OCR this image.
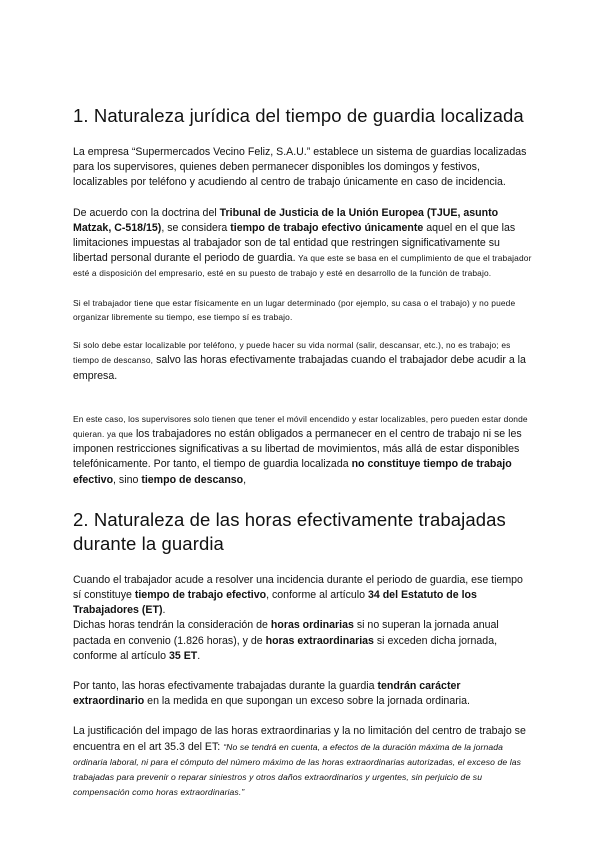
1. Naturaleza jurídica del tiempo de guardia localizada

La empresa “Supermercados Vecino Feliz, S.A.U.” establece un sistema de guardias localizadas para los supervisores, quienes deben permanecer disponibles los domingos y festivos, localizables por teléfono y acudiendo al centro de trabajo únicamente en caso de incidencia.

De acuerdo con la doctrina del Tribunal de Justicia de la Unión Europea (TJUE, asunto Matzak, C-518/15), se considera tiempo de trabajo efectivo únicamente aquel en el que las limitaciones impuestas al trabajador son de tal entidad que restringen significativamente su libertad personal durante el periodo de guardia. Ya que este se basa en el cumplimiento de que el trabajador esté a disposición del empresario, esté en su puesto de trabajo y esté en desarrollo de la función de trabajo.

Si el trabajador tiene que estar físicamente en un lugar determinado (por ejemplo, su casa o el trabajo) y no puede organizar libremente su tiempo, ese tiempo sí es trabajo.

Si solo debe estar localizable por teléfono, y puede hacer su vida normal (salir, descansar, etc.), no es trabajo; es tiempo de descanso, salvo las horas efectivamente trabajadas cuando el trabajador debe acudir a la empresa.

En este caso, los supervisores solo tienen que tener el móvil encendido y estar localizables, pero pueden estar donde quieran. ya que los trabajadores no están obligados a permanecer en el centro de trabajo ni se les imponen restricciones significativas a su libertad de movimientos, más allá de estar disponibles telefónicamente. Por tanto, el tiempo de guardia localizada no constituye tiempo de trabajo efectivo, sino tiempo de descanso,

2. Naturaleza de las horas efectivamente trabajadas durante la guardia

Cuando el trabajador acude a resolver una incidencia durante el periodo de guardia, ese tiempo sí constituye tiempo de trabajo efectivo, conforme al artículo 34 del Estatuto de los Trabajadores (ET).
Dichas horas tendrán la consideración de horas ordinarias si no superan la jornada anual pactada en convenio (1.826 horas), y de horas extraordinarias si exceden dicha jornada, conforme al artículo 35 ET.

Por tanto, las horas efectivamente trabajadas durante la guardia tendrán carácter extraordinario en la medida en que supongan un exceso sobre la jornada ordinaria.

La justificación del impago de las horas extraordinarias y la no limitación del centro de trabajo se encuentra en el art 35.3 del ET: “No se tendrá en cuenta, a efectos de la duración máxima de la jornada ordinaria laboral, ni para el cómputo del número máximo de las horas extraordinarias autorizadas, el exceso de las trabajadas para prevenir o reparar siniestros y otros daños extraordinarios y urgentes, sin perjuicio de su compensación como horas extraordinarias.”
